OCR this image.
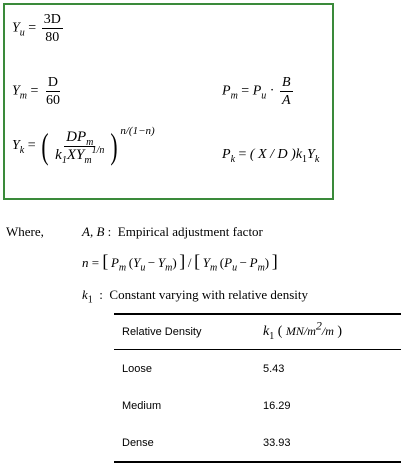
$Y_u = \frac{3D}{80}$
$Y_m = \frac{D}{60}$	$P_m = P_u \cdot \frac{B}{A}$
$Y_k$ = ( $\frac{DP_m}{k_1XY_m^{1/n}}$ ) $^{n/(1-n)}$
$P_k$ = ( X / D )$k_1Y_k$
Where,	A, B : Empirical adjustment factor
n = [  $P_m$ $(Y_u - Y_m)$ ] / [  $Y_m$ $(P_u - P_m)$ ]
$k_1$ : Constant varying with relative density
Relative Density	$k_1$ ( $MN/m^2/m$ )
Loose	5.43
Medium	16.29
Dense	33.93
